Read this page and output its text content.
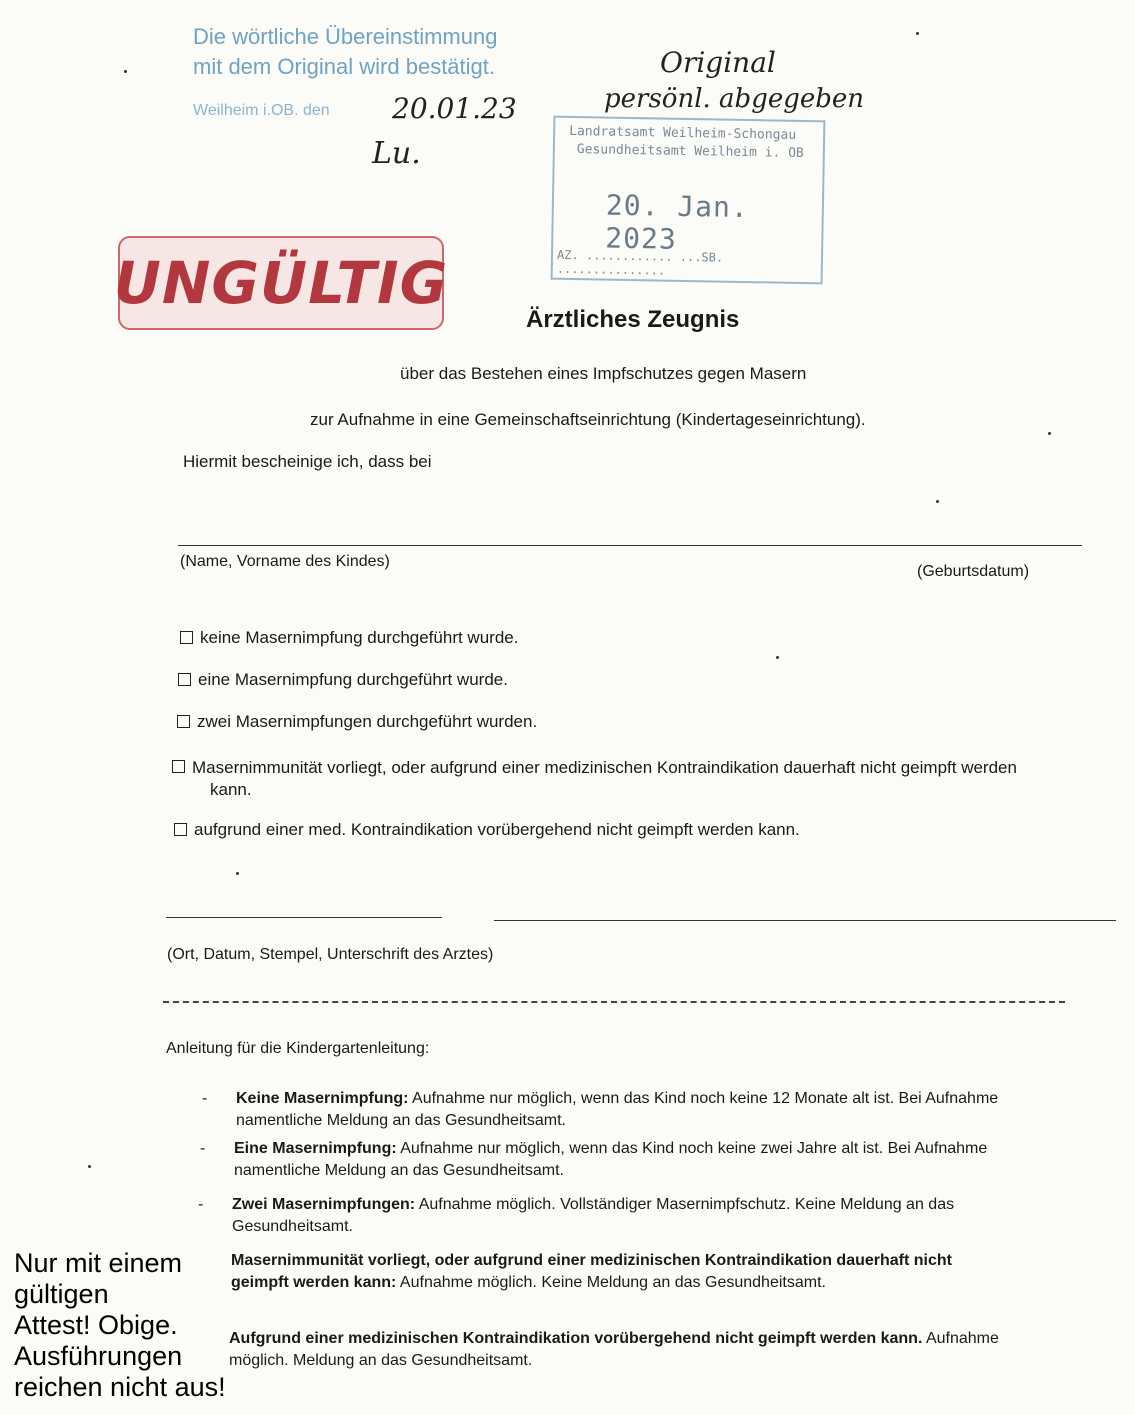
Die wörtliche Übereinstimmung
mit dem Original wird bestätigt.
Weilheim i.OB. den	20.01.23
Lu.
Original
persönl. abgegeben
Landratsamt Weilheim-Schongau
Gesundheitsamt Weilheim i. OB
20. Jan. 2023
AZ. ............ ...SB. ...............
UNGÜLTIG
Ärztliches Zeugnis
über das Bestehen eines Impfschutzes gegen Masern
zur Aufnahme in eine Gemeinschaftseinrichtung (Kindertageseinrichtung).
Hiermit bescheinige ich, dass bei
(Name, Vorname des Kindes)
(Geburtsdatum)
keine Masernimpfung durchgeführt wurde.
eine Masernimpfung durchgeführt wurde.
zwei Masernimpfungen durchgeführt wurden.
Masernimmunität vorliegt, oder aufgrund einer medizinischen Kontraindikation dauerhaft nicht geimpft werden kann.
aufgrund einer med. Kontraindikation vorübergehend nicht geimpft werden kann.
(Ort, Datum, Stempel, Unterschrift des Arztes)
Anleitung für die Kindergartenleitung:
- Keine Masernimpfung: Aufnahme nur möglich, wenn das Kind noch keine 12 Monate alt ist. Bei Aufnahme namentliche Meldung an das Gesundheitsamt.
- Eine Masernimpfung: Aufnahme nur möglich, wenn das Kind noch keine zwei Jahre alt ist. Bei Aufnahme namentliche Meldung an das Gesundheitsamt.
- Zwei Masernimpfungen: Aufnahme möglich. Vollständiger Masernimpfschutz. Keine Meldung an das Gesundheitsamt.
Masernimmunität vorliegt, oder aufgrund einer medizinischen Kontraindikation dauerhaft nicht geimpft werden kann: Aufnahme möglich. Keine Meldung an das Gesundheitsamt.
Aufgrund einer medizinischen Kontraindikation vorübergehend nicht geimpft werden kann. Aufnahme möglich. Meldung an das Gesundheitsamt.
Nur mit einem
gültigen
Attest! Obige.
Ausführungen
reichen nicht aus!
